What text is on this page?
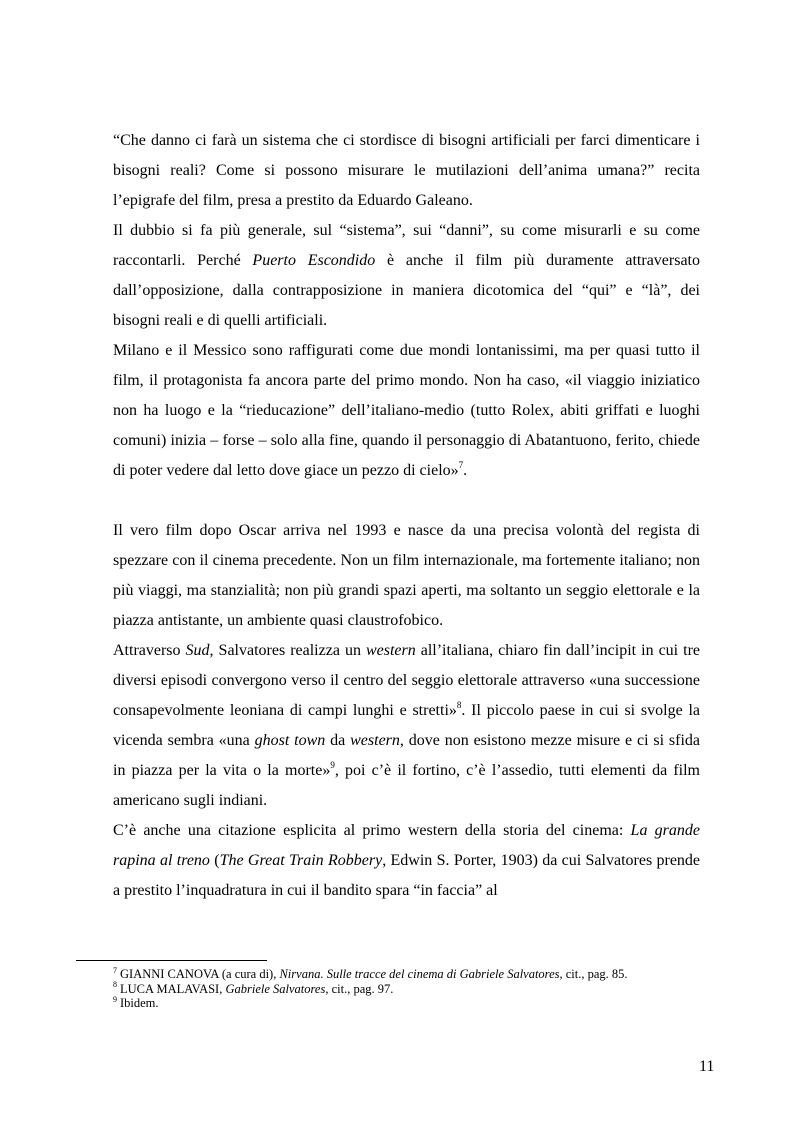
“Che danno ci farà un sistema che ci stordisce di bisogni artificiali per farci dimenticare i bisogni reali? Come si possono misurare le mutilazioni dell’anima umana?” recita l’epigrafe del film, presa a prestito da Eduardo Galeano.

Il dubbio si fa più generale, sul “sistema”, sui “danni”, su come misurarli e su come raccontarli. Perché Puerto Escondido è anche il film più duramente attraversato dall’opposizione, dalla contrapposizione in maniera dicotomica del “qui” e “là”, dei bisogni reali e di quelli artificiali.

Milano e il Messico sono raffigurati come due mondi lontanissimi, ma per quasi tutto il film, il protagonista fa ancora parte del primo mondo. Non ha caso, «il viaggio iniziatico non ha luogo e la “rieducazione” dell’italiano-medio (tutto Rolex, abiti griffati e luoghi comuni) inizia – forse – solo alla fine, quando il personaggio di Abatantuono, ferito, chiede di poter vedere dal letto dove giace un pezzo di cielo»$^7$.

Il vero film dopo Oscar arriva nel 1993 e nasce da una precisa volontà del regista di spezzare con il cinema precedente. Non un film internazionale, ma fortemente italiano; non più viaggi, ma stanzialità; non più grandi spazi aperti, ma soltanto un seggio elettorale e la piazza antistante, un ambiente quasi claustrofobico.

Attraverso Sud, Salvatores realizza un western all’italiana, chiaro fin dall’incipit in cui tre diversi episodi convergono verso il centro del seggio elettorale attraverso «una successione consapevolmente leoniana di campi lunghi e stretti»$^8$. Il piccolo paese in cui si svolge la vicenda sembra «una ghost town da western, dove non esistono mezze misure e ci si sfida in piazza per la vita o la morte»$^9$, poi c’è il fortino, c’è l’assedio, tutti elementi da film americano sugli indiani.

C’è anche una citazione esplicita al primo western della storia del cinema: La grande rapina al treno (The Great Train Robbery, Edwin S. Porter, 1903) da cui Salvatores prende a prestito l’inquadratura in cui il bandito spara “in faccia” al

$^7$ GIANNI CANOVA (a cura di), Nirvana. Sulle tracce del cinema di Gabriele Salvatores, cit., pag. 85.

$^8$ LUCA MALAVASI, Gabriele Salvatores, cit., pag. 97.

$^9$ Ibidem.

11
